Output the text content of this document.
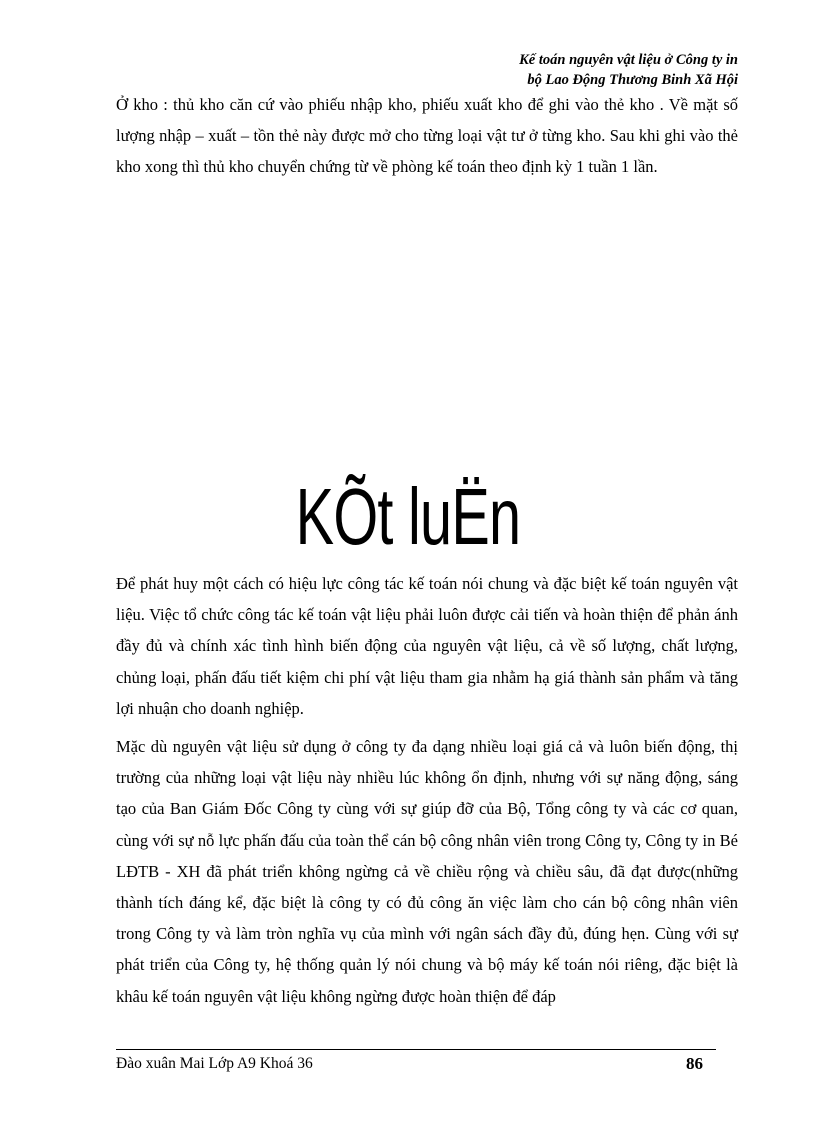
Kế toán nguyên vật liệu ở Công ty in
bộ Lao Động Thương Binh Xã Hội

Ở kho : thủ kho căn cứ vào phiếu nhập kho, phiếu xuất kho để ghi vào thẻ kho . Về mặt số lượng nhập – xuất – tồn thẻ này được mở cho từng loại vật tư ở từng kho. Sau khi ghi vào thẻ kho xong thì thủ kho chuyển chứng từ về phòng kế toán theo định kỳ 1 tuần 1 lần.

KÕt luËn

Để phát huy một cách có hiệu lực công tác kế toán nói chung và đặc biệt kế toán nguyên vật liệu. Việc tổ chức công tác kế toán vật liệu phải luôn được cải tiến và hoàn thiện để phản ánh đầy đủ và chính xác tình hình biến động của nguyên vật liệu, cả về số lượng, chất lượng, chủng loại, phấn đấu tiết kiệm chi phí vật liệu tham gia nhằm hạ giá thành sản phẩm và tăng lợi nhuận cho doanh nghiệp.

Mặc dù nguyên vật liệu sử dụng ở công ty đa dạng nhiều loại giá cả và luôn biến động, thị trường của những loại vật liệu này nhiều lúc không ổn định, nhưng với sự năng động, sáng tạo của Ban Giám Đốc Công ty cùng với sự giúp đỡ của Bộ, Tổng công ty và các cơ quan, cùng với sự nỗ lực phấn đấu của toàn thể cán bộ công nhân viên trong Công ty, Công ty in Bé LĐTB - XH đã phát triển không ngừng cả về chiều rộng và chiều sâu, đã đạt được(những thành tích đáng kể, đặc biệt là công ty có đủ công ăn việc làm cho cán bộ công nhân viên trong Công ty và làm tròn nghĩa vụ của mình với ngân sách đầy đủ, đúng hẹn. Cùng với sự phát triển của Công ty, hệ thống quản lý nói chung và bộ máy kế toán nói riêng, đặc biệt là khâu kế toán nguyên vật liệu không ngừng được hoàn thiện để đáp

Đào xuân Mai Lớp A9 Khoá 36	86
